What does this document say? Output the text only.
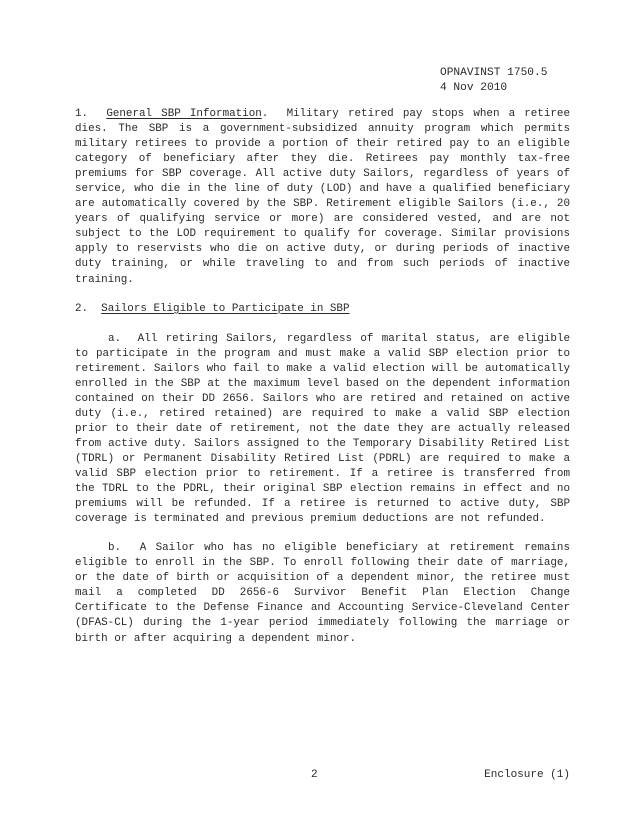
OPNAVINST 1750.5
4 Nov 2010

1. General SBP Information.  Military retired pay stops when a retiree dies. The SBP is a government-subsidized annuity program which permits military retirees to provide a portion of their retired pay to an eligible category of beneficiary after they die. Retirees pay monthly tax-free premiums for SBP coverage. All active duty Sailors, regardless of years of service, who die in the line of duty (LOD) and have a qualified beneficiary are automatically covered by the SBP. Retirement eligible Sailors (i.e., 20 years of qualifying service or more) are considered vested, and are not subject to the LOD requirement to qualify for coverage. Similar provisions apply to reservists who die on active duty, or during periods of inactive duty training, or while traveling to and from such periods of inactive training.

2. Sailors Eligible to Participate in SBP

a. All retiring Sailors, regardless of marital status, are eligible to participate in the program and must make a valid SBP election prior to retirement. Sailors who fail to make a valid election will be automatically enrolled in the SBP at the maximum level based on the dependent information contained on their DD 2656. Sailors who are retired and retained on active duty (i.e., retired retained) are required to make a valid SBP election prior to their date of retirement, not the date they are actually released from active duty. Sailors assigned to the Temporary Disability Retired List (TDRL) or Permanent Disability Retired List (PDRL) are required to make a valid SBP election prior to retirement. If a retiree is transferred from the TDRL to the PDRL, their original SBP election remains in effect and no premiums will be refunded. If a retiree is returned to active duty, SBP coverage is terminated and previous premium deductions are not refunded.

b. A Sailor who has no eligible beneficiary at retirement remains eligible to enroll in the SBP. To enroll following their date of marriage, or the date of birth or acquisition of a dependent minor, the retiree must mail a completed DD 2656-6 Survivor Benefit Plan Election Change Certificate to the Defense Finance and Accounting Service-Cleveland Center (DFAS-CL) during the 1-year period immediately following the marriage or birth or after acquiring a dependent minor.

2	Enclosure (1)
